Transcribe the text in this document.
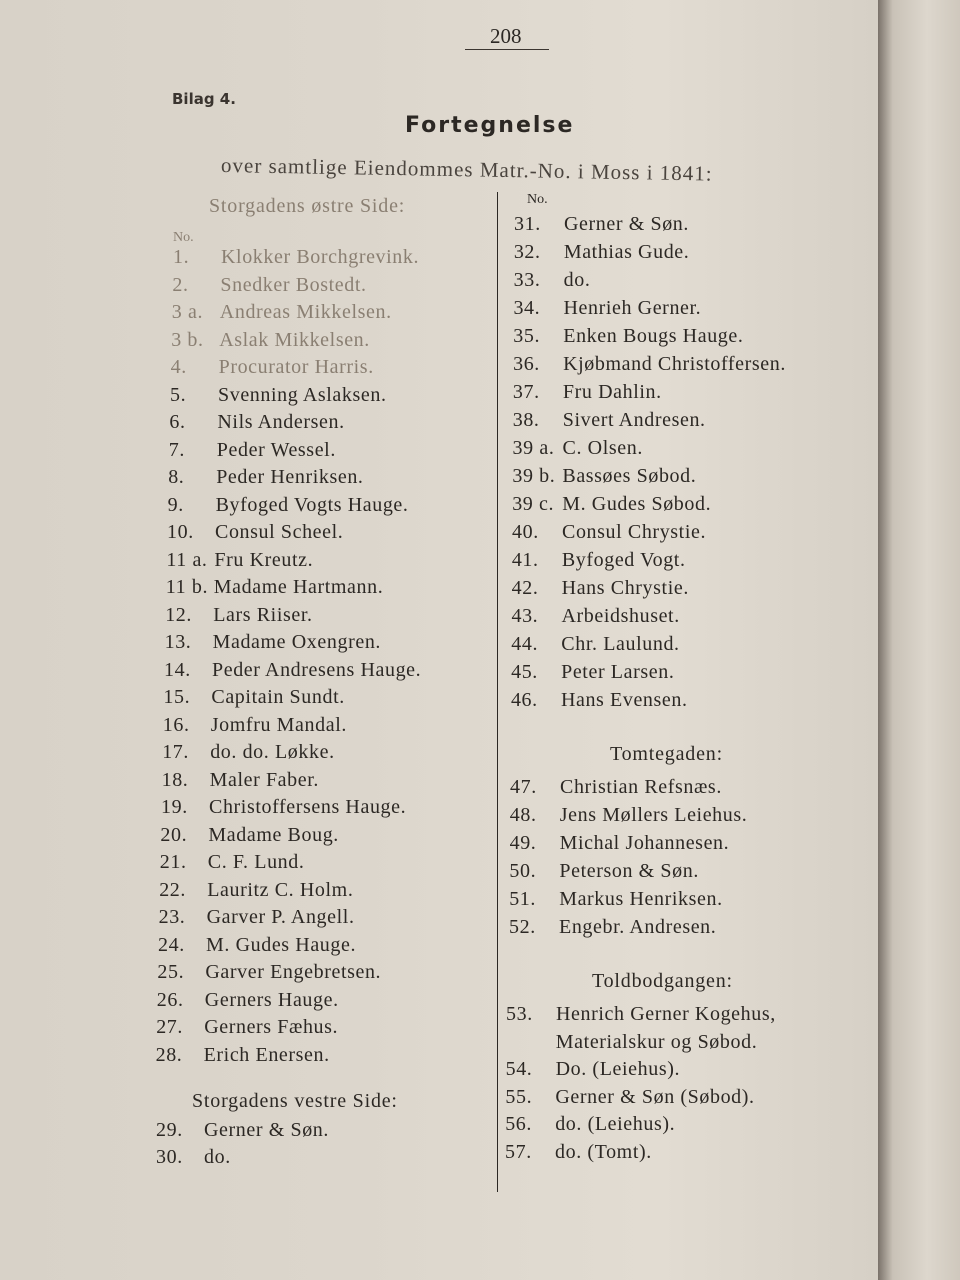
208
Bilag 4.
Fortegnelse
over samtlige Eiendommes Matr.-No. i Moss i 1841:
Storgadens østre Side:
No.
No.
1. Klokker Borchgrevink.
2. Snedker Bostedt.
3 a. Andreas Mikkelsen.
3 b. Aslak Mikkelsen.
4. Procurator Harris.
5. Svenning Aslaksen.
6. Nils Andersen.
7. Peder Wessel.
8. Peder Henriksen.
9. Byfoged Vogts Hauge.
10. Consul Scheel.
11 a. Fru Kreutz.
11 b. Madame Hartmann.
12. Lars Riiser.
13. Madame Oxengren.
14. Peder Andresens Hauge.
15. Capitain Sundt.
16. Jomfru Mandal.
17. do. do. Løkke.
18. Maler Faber.
19. Christoffersens Hauge.
20. Madame Boug.
21. C. F. Lund.
22. Lauritz C. Holm.
23. Garver P. Angell.
24. M. Gudes Hauge.
25. Garver Engebretsen.
26. Gerners Hauge.
27. Gerners Fæhus.
28. Erich Enersen.
Storgadens vestre Side:
29. Gerner & Søn.
30. do.
31. Gerner & Søn.
32. Mathias Gude.
33. do.
34. Henrieh Gerner.
35. Enken Bougs Hauge.
36. Kjøbmand Christoffersen.
37. Fru Dahlin.
38. Sivert Andresen.
39 a. C. Olsen.
39 b. Bassøes Søbod.
39 c. M. Gudes Søbod.
40. Consul Chrystie.
41. Byfoged Vogt.
42. Hans Chrystie.
43. Arbeidshuset.
44. Chr. Laulund.
45. Peter Larsen.
46. Hans Evensen.
Tomtegaden:
47. Christian Refsnæs.
48. Jens Møllers Leiehus.
49. Michal Johannesen.
50. Peterson & Søn.
51. Markus Henriksen.
52. Engebr. Andresen.
Toldbodgangen:
53. Henrich Gerner Kogehus,
Materialskur og Søbod.
54. Do. (Leiehus).
55. Gerner & Søn (Søbod).
56. do. (Leiehus).
57. do. (Tomt).
